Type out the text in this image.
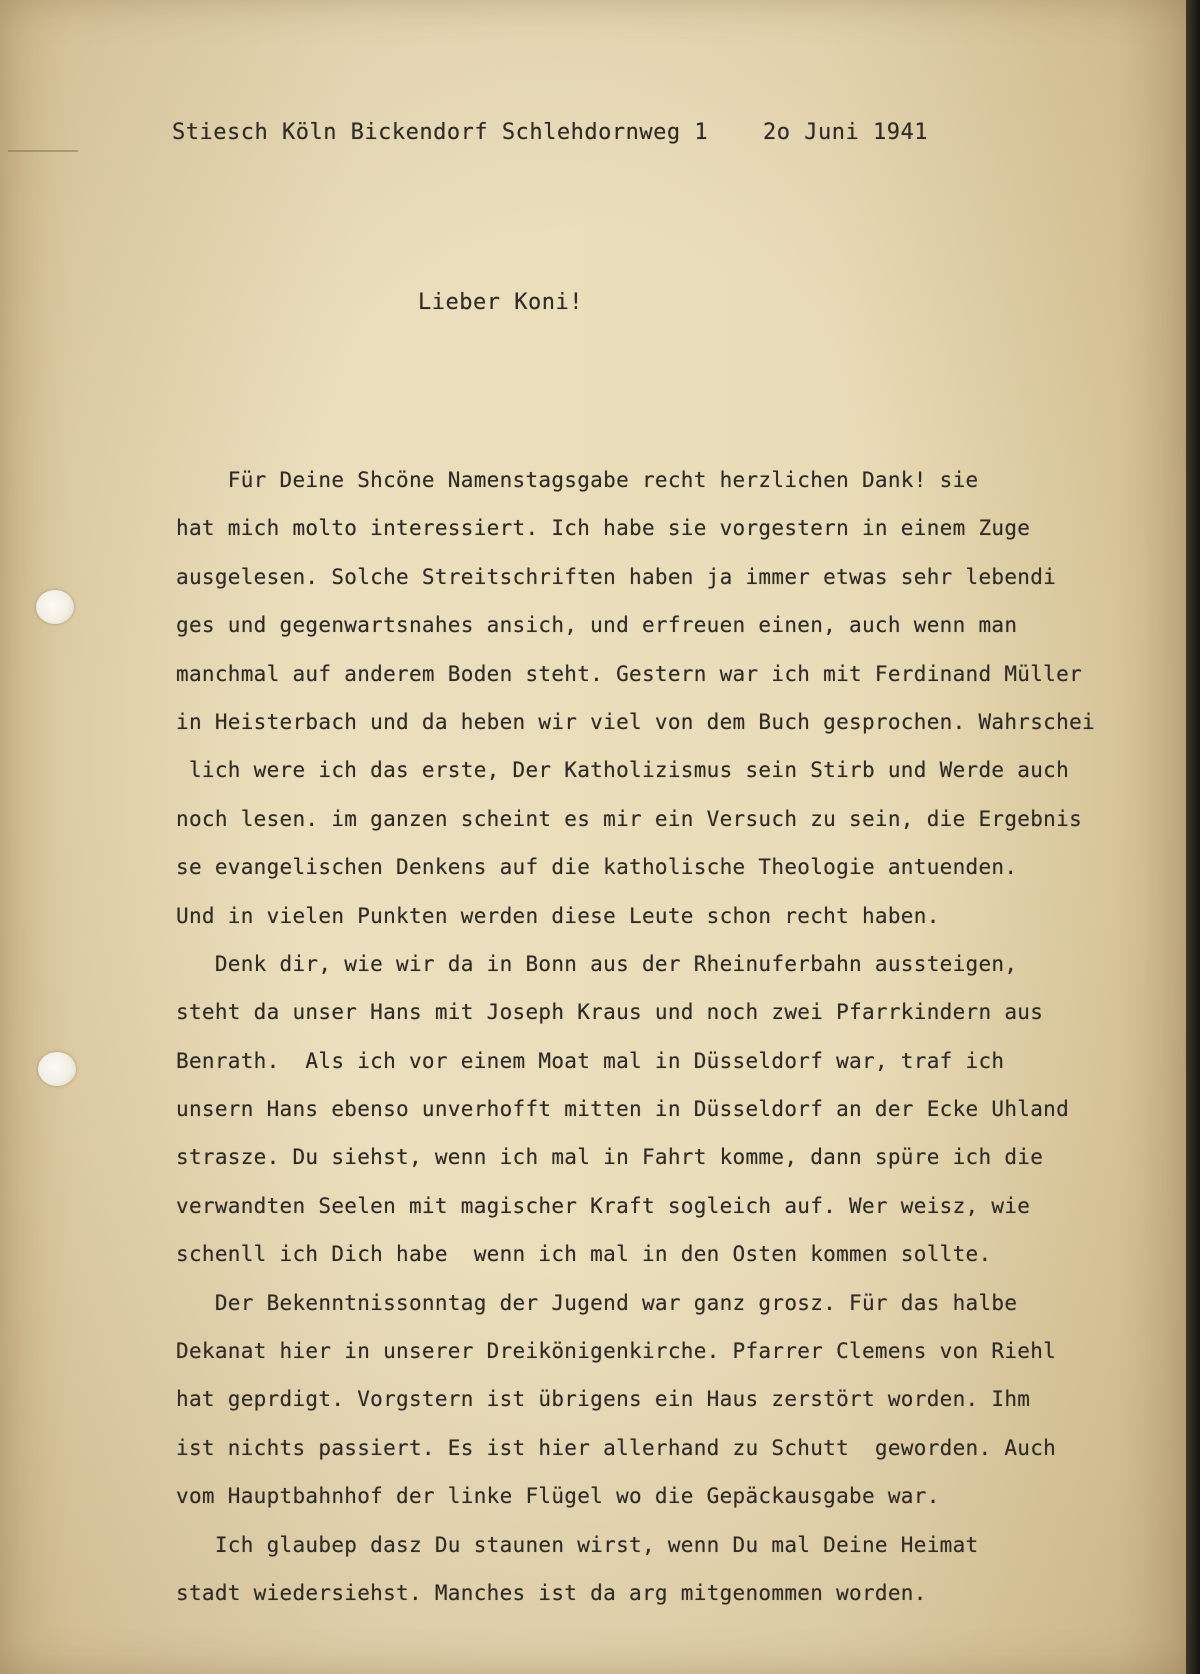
Stiesch Köln Bickendorf Schlehdornweg 1    2o Juni 1941
Lieber Koni!
Für Deine Shcöne Namenstagsgabe recht herzlichen Dank! sie
hat mich molto interessiert. Ich habe sie vorgestern in einem Zuge
ausgelesen. Solche Streitschriften haben ja immer etwas sehr lebendi
ges und gegenwartsnahes ansich, und erfreuen einen, auch wenn man
manchmal auf anderem Boden steht. Gestern war ich mit Ferdinand Müller
in Heisterbach und da heben wir viel von dem Buch gesprochen. Wahrschei
lich were ich das erste, Der Katholizismus sein Stirb und Werde auch
noch lesen. im ganzen scheint es mir ein Versuch zu sein, die Ergebnis
se evangelischen Denkens auf die katholische Theologie antuenden.
Und in vielen Punkten werden diese Leute schon recht haben.
Denk dir, wie wir da in Bonn aus der Rheinuferbahn aussteigen,
steht da unser Hans mit Joseph Kraus und noch zwei Pfarrkindern aus
Benrath.  Als ich vor einem Moat mal in Düsseldorf war, traf ich
unsern Hans ebenso unverhofft mitten in Düsseldorf an der Ecke Uhland
strasze. Du siehst, wenn ich mal in Fahrt komme, dann spüre ich die
verwandten Seelen mit magischer Kraft sogleich auf. Wer weisz, wie
schenll ich Dich habe  wenn ich mal in den Osten kommen sollte.
Der Bekenntnissonntag der Jugend war ganz grosz. Für das halbe
Dekanat hier in unserer Dreikönigenkirche. Pfarrer Clemens von Riehl
hat geprdigt. Vorgstern ist übrigens ein Haus zerstört worden. Ihm
ist nichts passiert. Es ist hier allerhand zu Schutt  geworden. Auch
vom Hauptbahnhof der linke Flügel wo die Gepäckausgabe war.
Ich glaubep dasz Du staunen wirst, wenn Du mal Deine Heimat
stadt wiedersiehst. Manches ist da arg mitgenommen worden.
